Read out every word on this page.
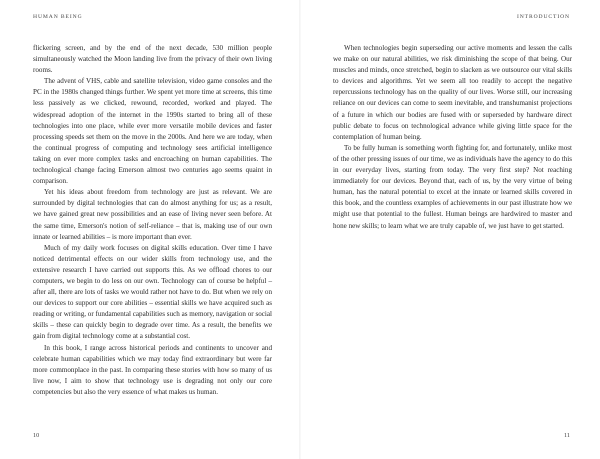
HUMAN BEING

flickering screen, and by the end of the next decade, 530 million people simultaneously watched the Moon landing live from the privacy of their own living rooms.

The advent of VHS, cable and satellite television, video game consoles and the PC in the 1980s changed things further. We spent yet more time at screens, this time less passively as we clicked, rewound, recorded, worked and played. The widespread adoption of the internet in the 1990s started to bring all of these technologies into one place, while ever more versatile mobile devices and faster processing speeds set them on the move in the 2000s. And here we are today, when the continual progress of computing and technology sees artificial intelligence taking on ever more complex tasks and encroaching on human capabilities. The technological change facing Emerson almost two centuries ago seems quaint in comparison.

Yet his ideas about freedom from technology are just as relevant. We are surrounded by digital technologies that can do almost anything for us; as a result, we have gained great new possibilities and an ease of living never seen before. At the same time, Emerson's notion of self-reliance – that is, making use of our own innate or learned abilities – is more important than ever.

Much of my daily work focuses on digital skills education. Over time I have noticed detrimental effects on our wider skills from technology use, and the extensive research I have carried out supports this. As we offload chores to our computers, we begin to do less on our own. Technology can of course be helpful – after all, there are lots of tasks we would rather not have to do. But when we rely on our devices to support our core abilities – essential skills we have acquired such as reading or writing, or fundamental capabilities such as memory, navigation or social skills – these can quickly begin to degrade over time. As a result, the benefits we gain from digital technology come at a substantial cost.

In this book, I range across historical periods and continents to uncover and celebrate human capabilities which we may today find extraordinary but were far more commonplace in the past. In comparing these stories with how so many of us live now, I aim to show that technology use is degrading not only our core competencies but also the very essence of what makes us human.

10
INTRODUCTION

When technologies begin superseding our active moments and lessen the calls we make on our natural abilities, we risk diminishing the scope of that being. Our muscles and minds, once stretched, begin to slacken as we outsource our vital skills to devices and algorithms. Yet we seem all too readily to accept the negative repercussions technology has on the quality of our lives. Worse still, our increasing reliance on our devices can come to seem inevitable, and transhumanist projections of a future in which our bodies are fused with or superseded by hardware direct public debate to focus on technological advance while giving little space for the contemplation of human being.

To be fully human is something worth fighting for, and fortunately, unlike most of the other pressing issues of our time, we as individuals have the agency to do this in our everyday lives, starting from today. The very first step? Not reaching immediately for our devices. Beyond that, each of us, by the very virtue of being human, has the natural potential to excel at the innate or learned skills covered in this book, and the countless examples of achievements in our past illustrate how we might use that potential to the fullest. Human beings are hardwired to master and hone new skills; to learn what we are truly capable of, we just have to get started.

11
